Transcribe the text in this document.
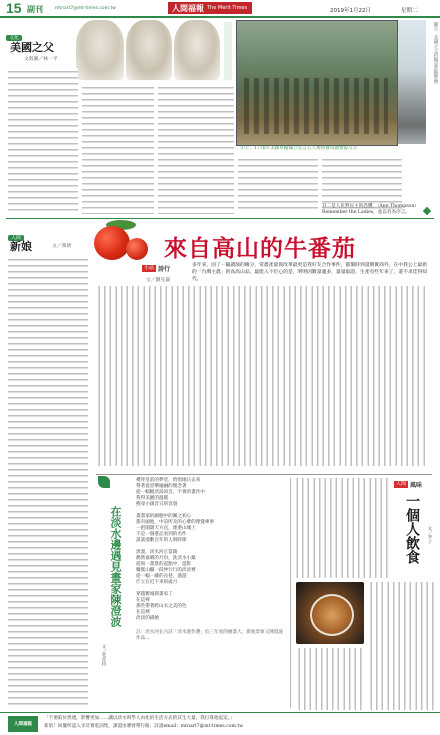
15 副刊	mtnart7@mt-times.com.tw	人間福報 The Merit Times	2019年1月22日	星期二
文化
美國之父
文與圖／林一平	圖①：美國之父約翰亞當斯塑像
④上：1776年美國草擬獨立宣言五人委員會向國會提交⑤
其二是人民對民主的恐懼。（Ann Thompson）Remember the Ladies，並以名為序言。
人間
新娘	文／萬琇	來自高山的牛番茄
小品 詩行
文／劉克襄
多年來，因了一隨讀演的緣分，常農產量與改革最更是我好友合作事件，都價時到證期實商外，在中我公上最新的「台灣主農」的高高山品。最能入不臣心的是，明明因數量適多，量量取證，生產有些年來了，還不求佳得知代。
在淡水邊遇見畫家陳澄波
文／愛普特
禮拜堂前的夢堂，悄悄地日去來
帶著從容樂融融的懷念著
從一幅幅淡湯回音，不會的畫作中
我得美麗的溫暖
搜尋小鎮昔日的容貌
畫畫家的細胞中的圖之初心
都有頭他，中詩所及的心孽的理覺專事
一把開闊天方直，連港山城上
不是一個港記看到的名件
談談漫數百年的人與時節
黑畫，淡水河正當鎮
偶然嘉晴的月份，洗淡水小鎮
從與一畫景的起點中，遊影
藥實山腳一段仲行行的淡淡裡
從一幅一縷的長巷，過遊
佇立在近下來的歲月
穿越舊城與畫家了
在這裡
那些帶著跨山水之美的色
在這裡
淡淡的描繪
註：淡水河在古詩「淡水週作選」於三年度的繪畫大，新地景象又陳澄波作品...
人間 風味
一個人飲食	文／李子
人間福報
「不要陷於然透，影響更加……讓以淡水時學人內化的生活方式的其生大量，我打算他起這。」
新的！回覆所認入寺計實電詞集，課證由審發帶行路，詳請email：mtnart7@mt-times.com.tw
